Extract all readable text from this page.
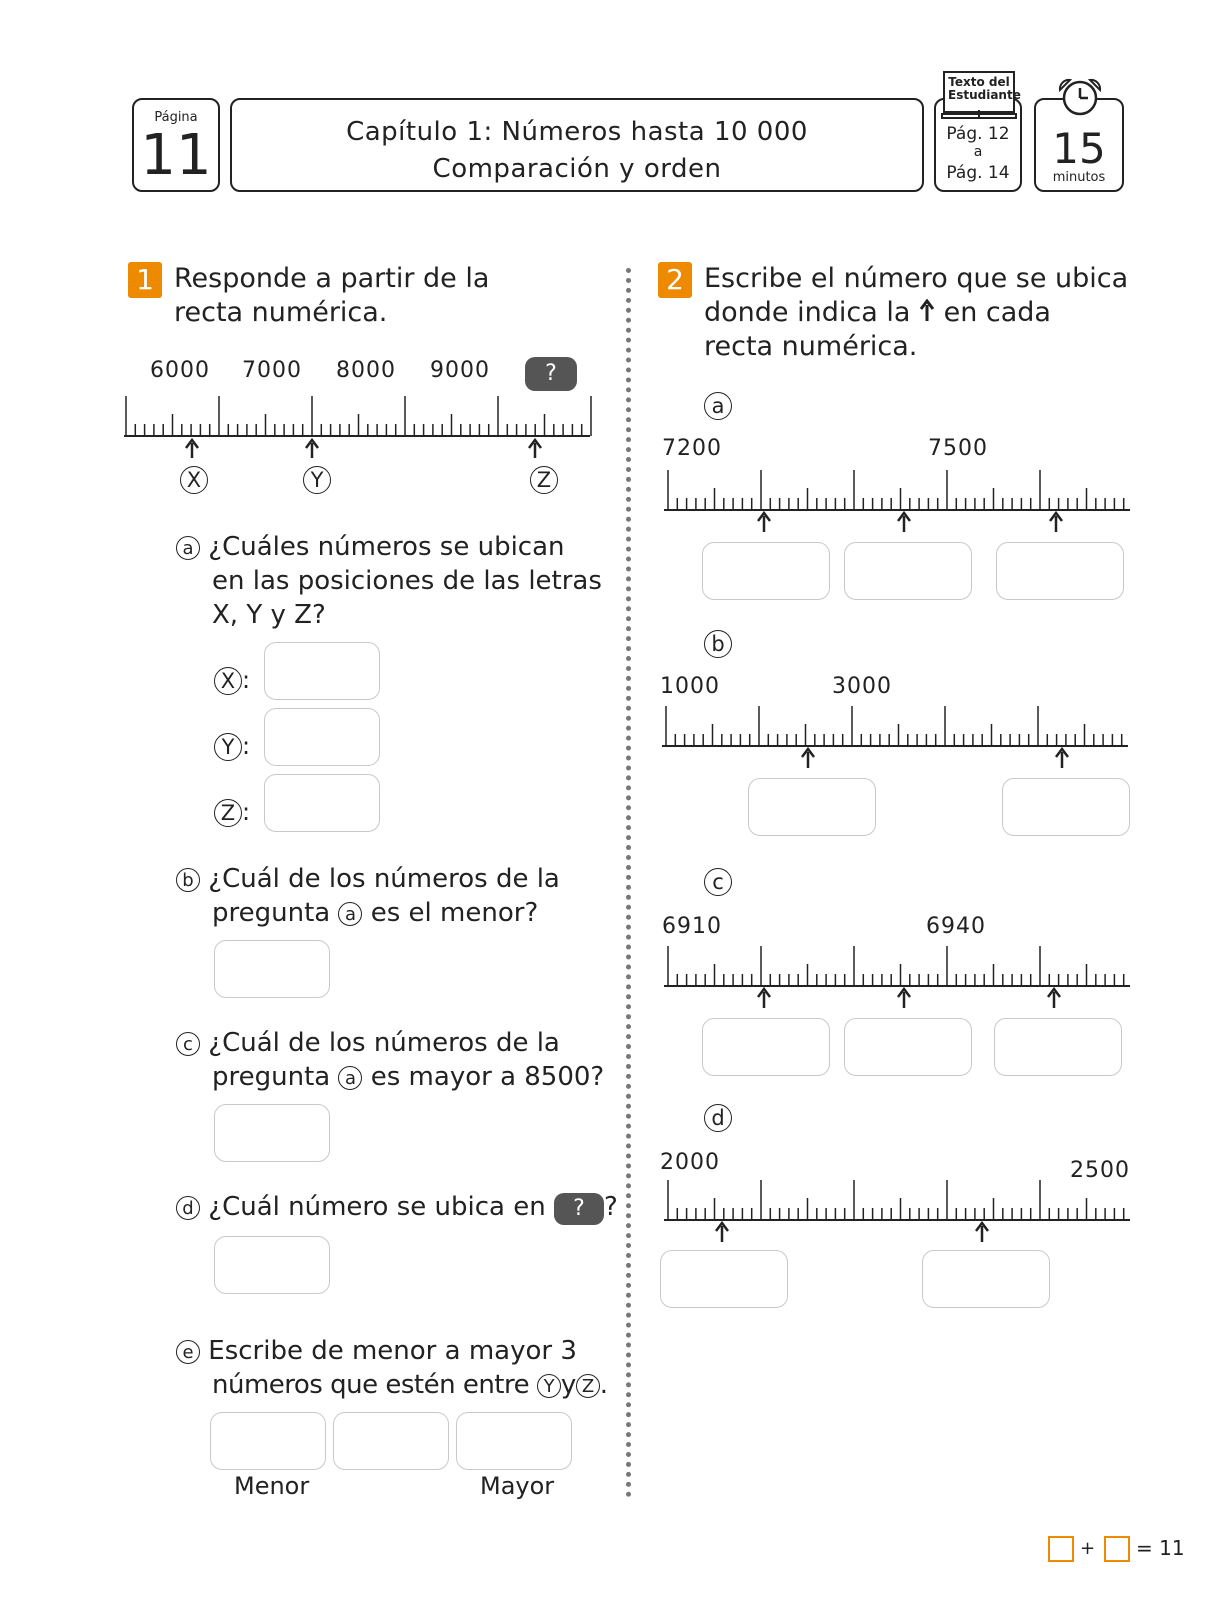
Página
11	Capítulo 1: Números hasta 10 000
Comparación y orden
Pág. 12
a
Pág. 14
Texto del Estudiante
15
minutos
1 Responde a partir de la
recta numérica.
6000 7000 8000 9000	?
X	Y	Z
a ¿Cuáles números se ubican
en las posiciones de las letras
X, Y y Z?
X :
Y :
Z :
b ¿Cuál de los números de la
pregunta a es el menor?
c ¿Cuál de los números de la
pregunta a es mayor a 8500?
d ¿Cuál número se ubica en ? ?
e Escribe de menor a mayor 3
números que estén entre Y y Z .
Menor	Mayor
2 Escribe el número que se ubica
donde indica la en cada
recta numérica.
a
7200	7500
b
1000	3000
c
6910	6940
d
2000	2500
+ = 11
